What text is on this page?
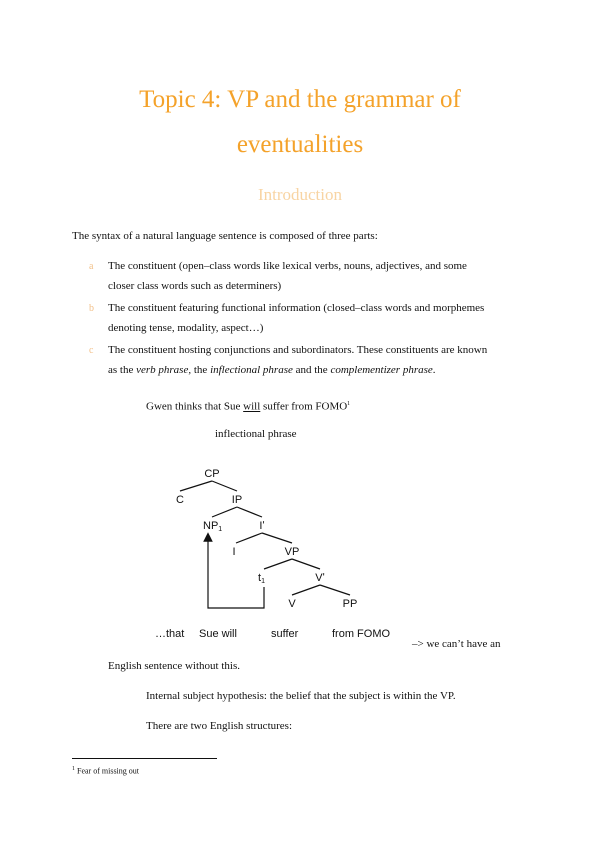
Topic 4: VP and the grammar of
eventualities
Introduction
The syntax of a natural language sentence is composed of three parts:
a The constituent (open–class words like lexical verbs, nouns, adjectives, and some
closer class words such as determiners)
b The constituent featuring functional information (closed–class words and morphemes
denoting tense, modality, aspect…)
c The constituent hosting conjunctions and subordinators. These constituents are known
as the verb phrase, the inflectional phrase and the complementizer phrase.
Gwen thinks that Sue will suffer from FOMO$^1$
inflectional phrase
CP
C	IP
NP1	Iʹ
I	VP
t1	Vʹ
V	PP
…that Sue will	suffer	from FOMO
–> we can’t have an
English sentence without this.
Internal subject hypothesis: the belief that the subject is within the VP.
There are two English structures:
$^1$ Fear of missing out
